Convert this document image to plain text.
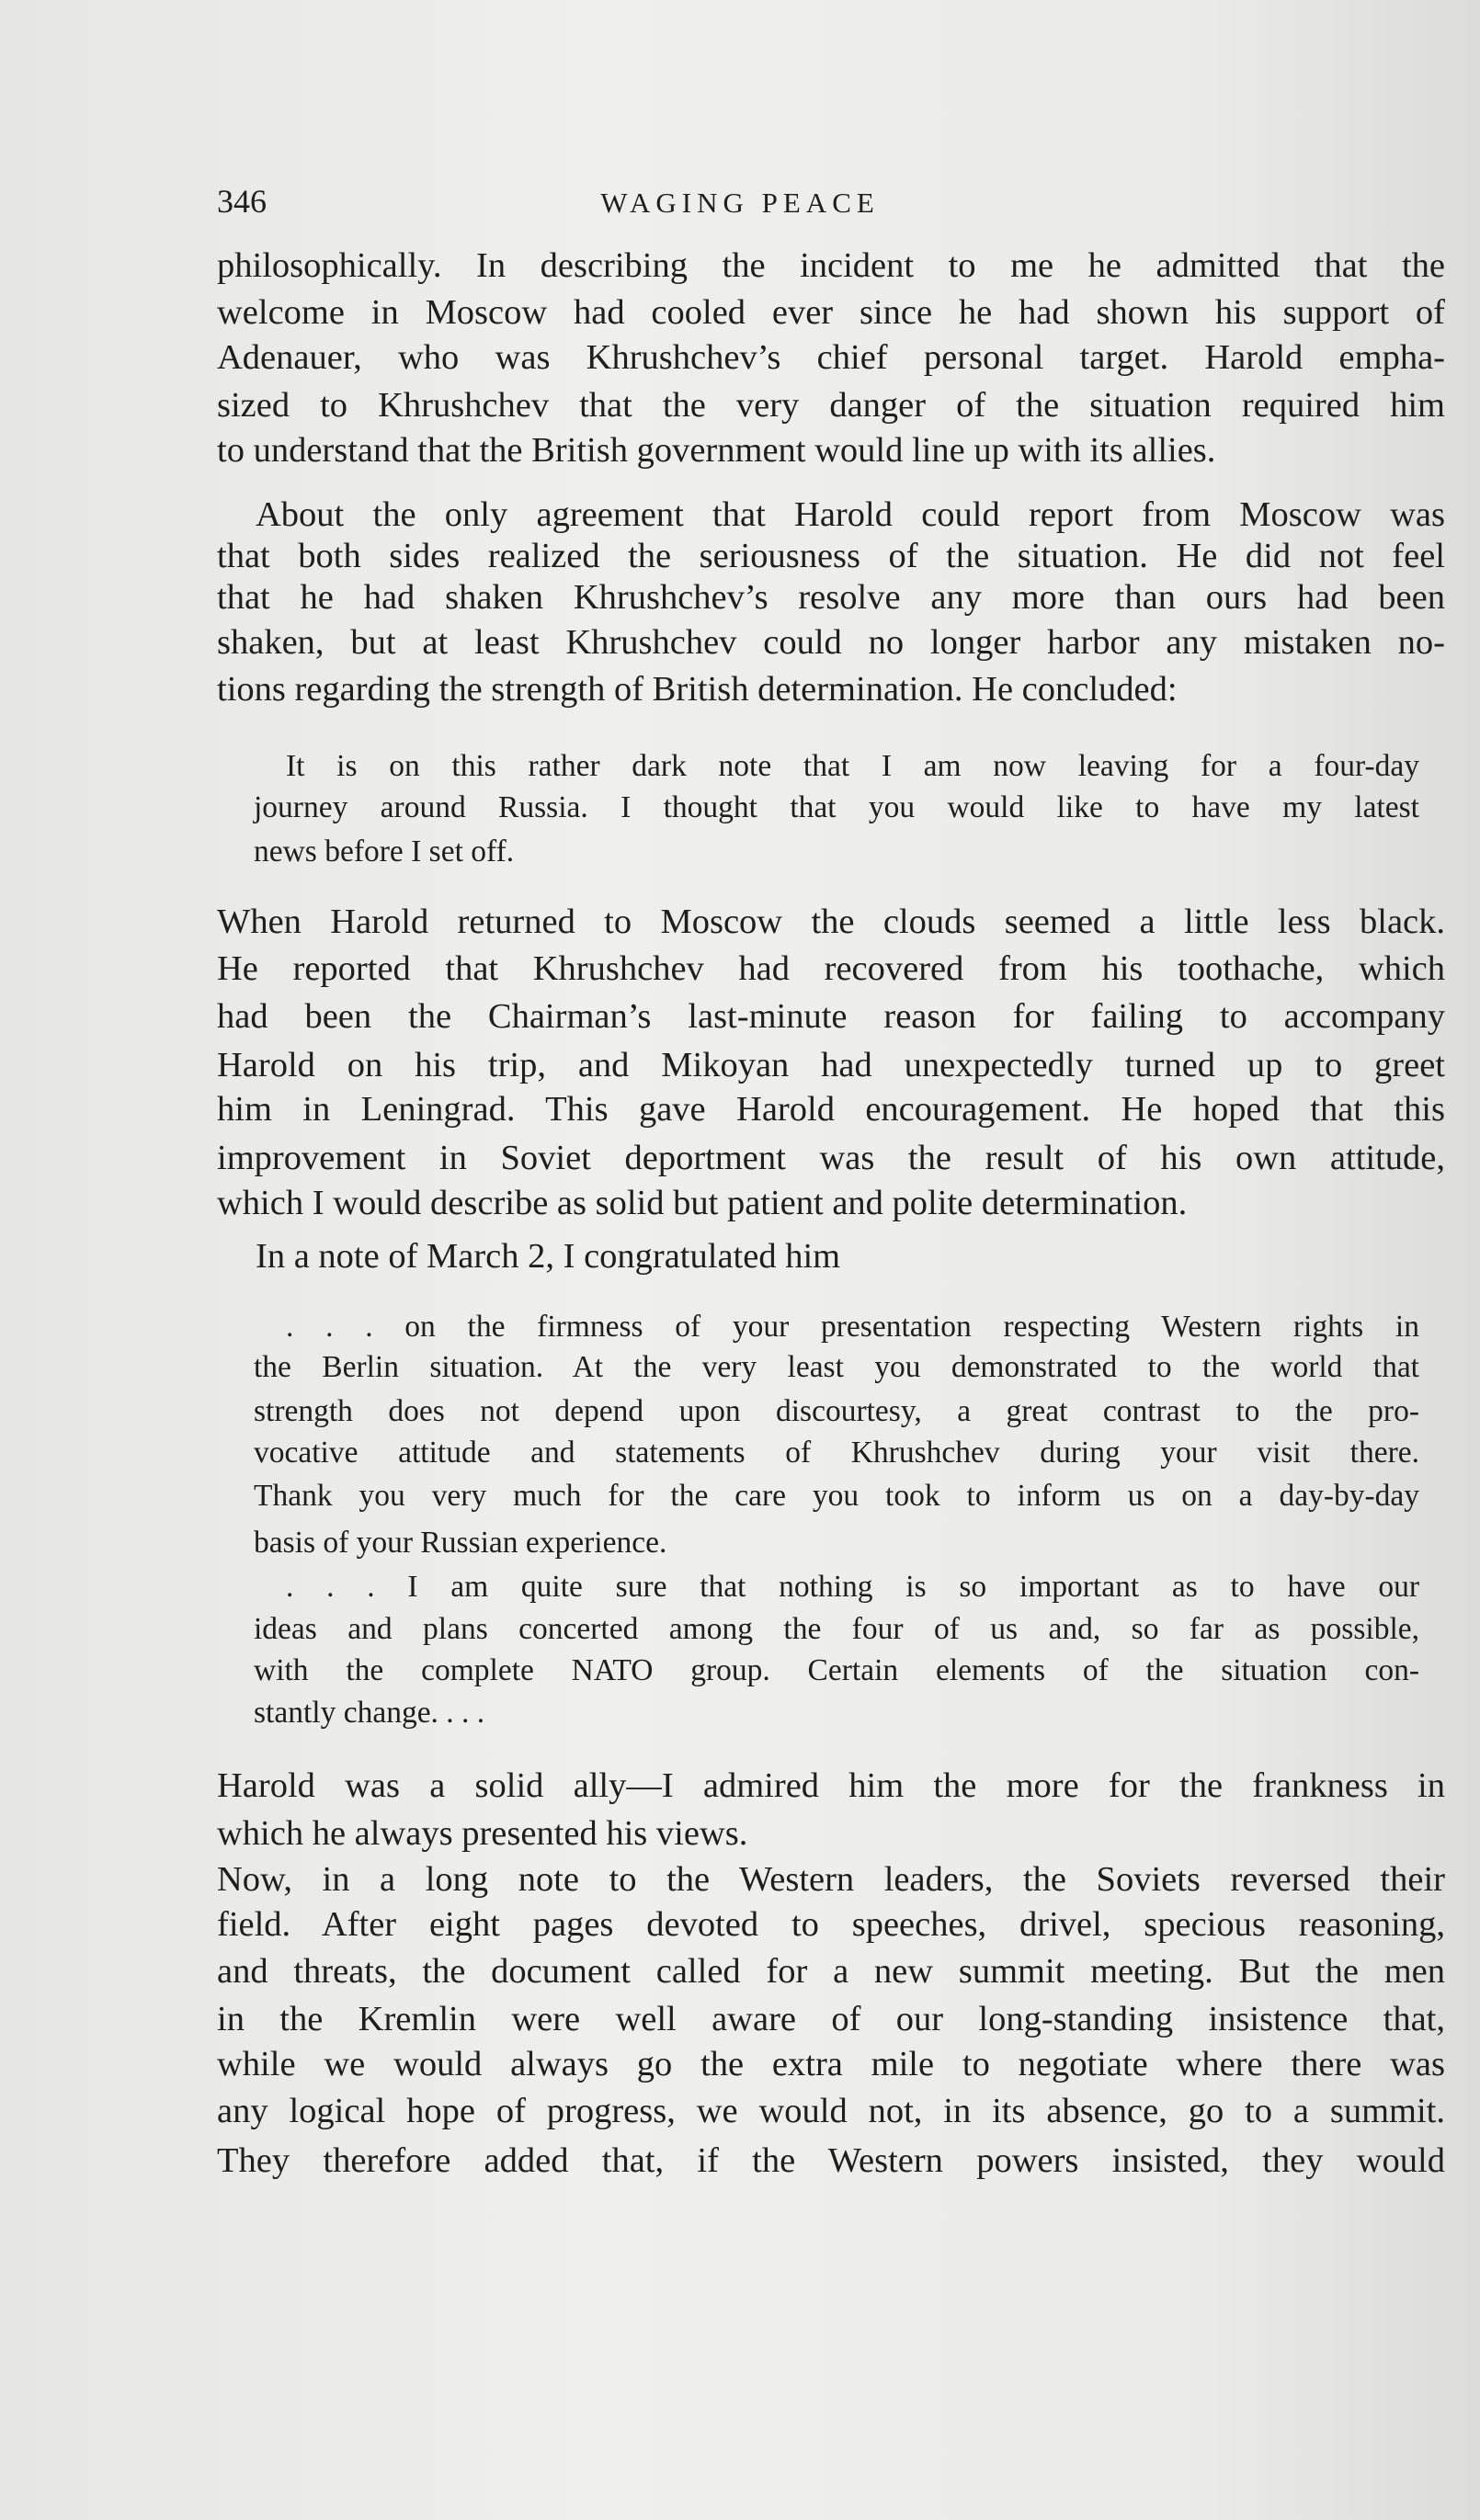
346	WAGING PEACE
philosophically. In describing the incident to me he admitted that the
welcome in Moscow had cooled ever since he had shown his support of
Adenauer, who was Khrushchev’s chief personal target. Harold empha-
sized to Khrushchev that the very danger of the situation required him
to understand that the British government would line up with its allies.
About the only agreement that Harold could report from Moscow was
that both sides realized the seriousness of the situation. He did not feel
that he had shaken Khrushchev’s resolve any more than ours had been
shaken, but at least Khrushchev could no longer harbor any mistaken no-
tions regarding the strength of British determination. He concluded:
It is on this rather dark note that I am now leaving for a four-day
journey around Russia. I thought that you would like to have my latest
news before I set off.
When Harold returned to Moscow the clouds seemed a little less black.
He reported that Khrushchev had recovered from his toothache, which
had been the Chairman’s last-minute reason for failing to accompany
Harold on his trip, and Mikoyan had unexpectedly turned up to greet
him in Leningrad. This gave Harold encouragement. He hoped that this
improvement in Soviet deportment was the result of his own attitude,
which I would describe as solid but patient and polite determination.
In a note of March 2, I congratulated him
. . . on the firmness of your presentation respecting Western rights in
the Berlin situation. At the very least you demonstrated to the world that
strength does not depend upon discourtesy, a great contrast to the pro-
vocative attitude and statements of Khrushchev during your visit there.
Thank you very much for the care you took to inform us on a day-by-day
basis of your Russian experience.
. . . I am quite sure that nothing is so important as to have our
ideas and plans concerted among the four of us and, so far as possible,
with the complete NATO group. Certain elements of the situation con-
stantly change. . . .
Harold was a solid ally—I admired him the more for the frankness in
which he always presented his views.
Now, in a long note to the Western leaders, the Soviets reversed their
field. After eight pages devoted to speeches, drivel, specious reasoning,
and threats, the document called for a new summit meeting. But the men
in the Kremlin were well aware of our long-standing insistence that,
while we would always go the extra mile to negotiate where there was
any logical hope of progress, we would not, in its absence, go to a summit.
They therefore added that, if the Western powers insisted, they would
